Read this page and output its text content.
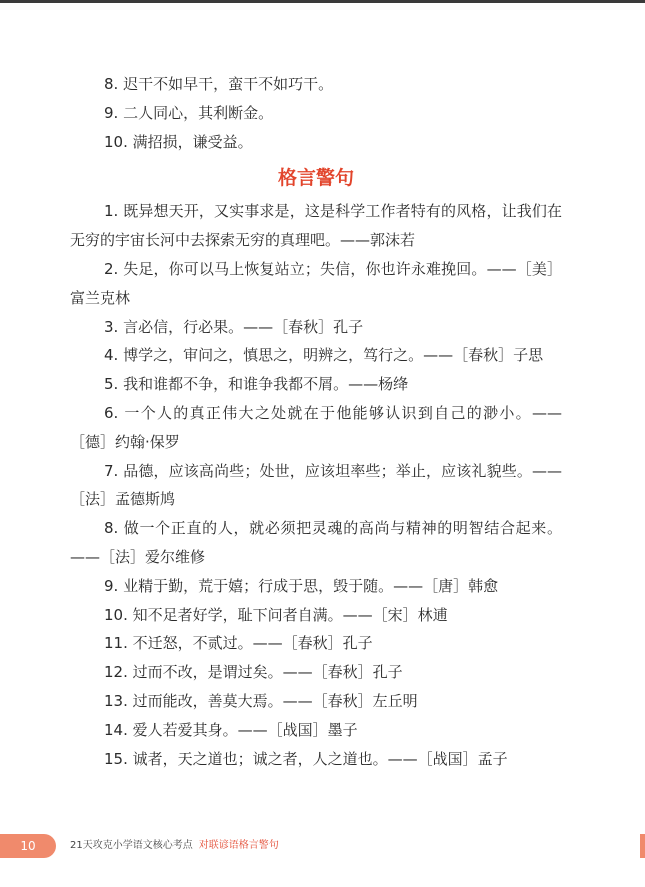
8. 迟干不如早干，蛮干不如巧干。

9. 二人同心，其利断金。

10. 满招损，谦受益。

格言警句

1. 既异想天开，又实事求是，这是科学工作者特有的风格，让我们在无穷的宇宙长河中去探索无穷的真理吧。——郭沫若

2. 失足，你可以马上恢复站立；失信，你也许永难挽回。——［美］富兰克林

3. 言必信，行必果。——［春秋］孔子

4. 博学之，审问之，慎思之，明辨之，笃行之。——［春秋］子思

5. 我和谁都不争，和谁争我都不屑。——杨绛

6. 一个人的真正伟大之处就在于他能够认识到自己的渺小。——［德］约翰·保罗

7. 品德，应该高尚些；处世，应该坦率些；举止，应该礼貌些。——［法］孟德斯鸠

8. 做一个正直的人，就必须把灵魂的高尚与精神的明智结合起来。——［法］爱尔维修

9. 业精于勤，荒于嬉；行成于思，毁于随。——［唐］韩愈

10. 知不足者好学，耻下问者自满。——［宋］林逋

11. 不迁怒，不贰过。——［春秋］孔子

12. 过而不改，是谓过矣。——［春秋］孔子

13. 过而能改，善莫大焉。——［春秋］左丘明

14. 爱人若爱其身。——［战国］墨子

15. 诚者，天之道也；诚之者，人之道也。——［战国］孟子

10	21天攻克小学语文核心考点 对联谚语格言警句
